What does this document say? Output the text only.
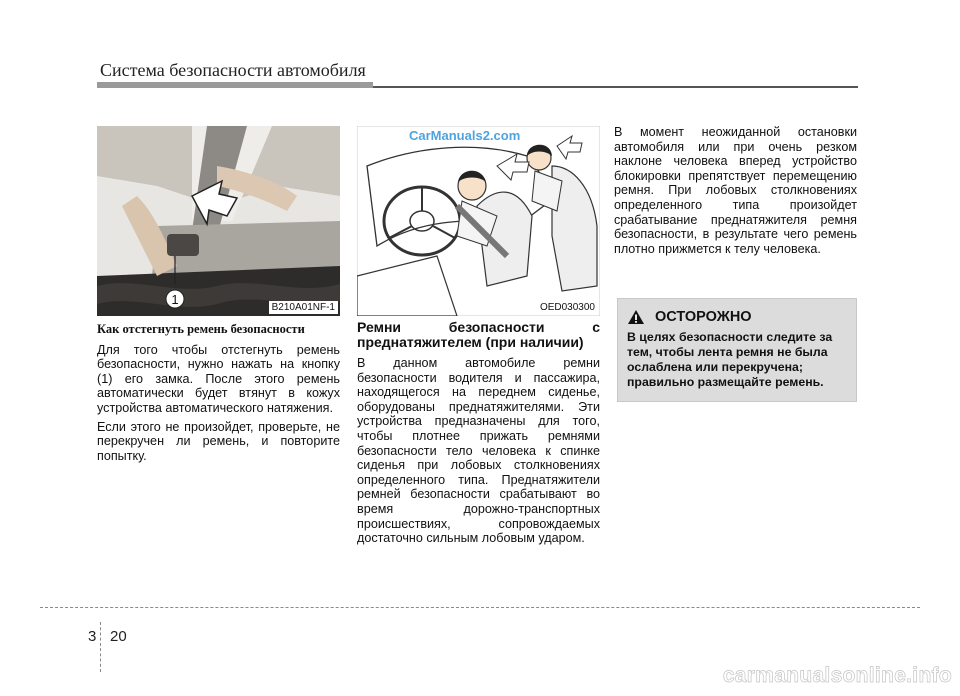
Система безопасности автомобиля
1
B210A01NF-1
CarManuals2.com
OED030300

Как отстегнуть ремень безопасности

Для того чтобы отстегнуть ремень безопасности, нужно нажать на кнопку (1) его замка. После этого ремень автоматически будет втянут в кожух устройства автоматического натяжения.

Если этого не произойдет, проверьте, не перекручен ли ремень, и повторите попытку.

Ремни безопасности с преднатяжителем (при наличии)

В данном автомобиле ремни безопасности водителя и пассажира, находящегося на переднем сиденье, оборудованы преднатяжителями. Эти устройства предназначены для того, чтобы плотнее прижать ремнями безопасности тело человека к спинке сиденья при лобовых столкновениях определенного типа. Преднатяжители ремней безопасности срабатывают во время дорожно-транспортных происшествиях, сопровождаемых достаточно сильным лобовым ударом.

В момент неожиданной остановки автомобиля или при очень резком наклоне человека вперед устройство блокировки препятствует перемещению ремня. При лобовых столкновениях определенного типа произойдет срабатывание преднатяжителя ремня безопасности, в результате чего ремень плотно прижмется к телу человека.

ОСТОРОЖНО
В целях безопасности следите за тем, чтобы лента ремня не была ослаблена или перекручена; правильно размещайте ремень.
3 20
carmanualsonline.info
